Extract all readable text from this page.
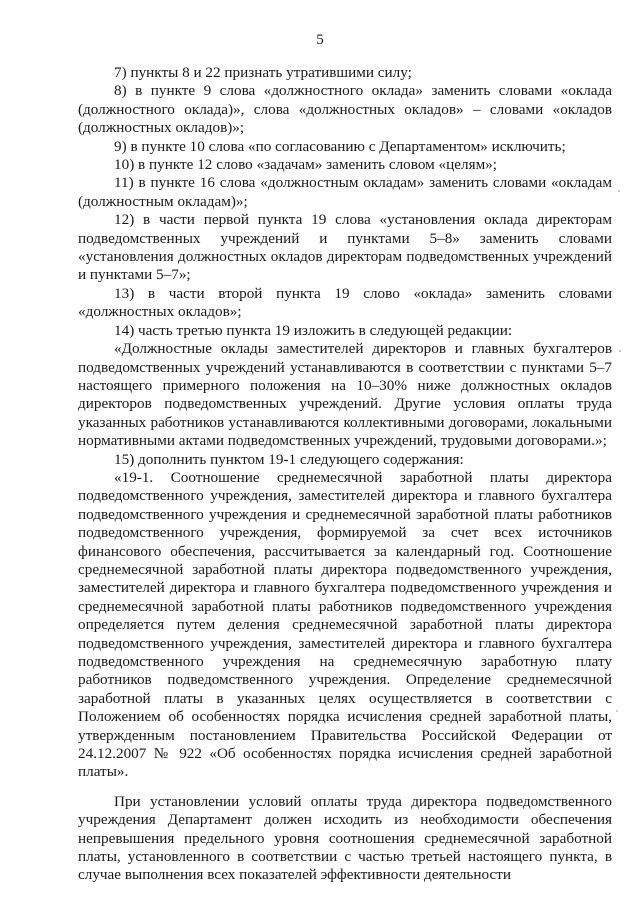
5

7) пункты 8 и 22 признать утратившими силу;

8) в пункте 9 слова «должностного оклада» заменить словами «оклада (должностного оклада)», слова «должностных окладов» – словами «окладов (должностных окладов)»;

9) в пункте 10 слова «по согласованию с Департаментом» исключить;

10) в пункте 12 слово «задачам» заменить словом «целям»;

11) в пункте 16 слова «должностным окладам» заменить словами «окладам (должностным окладам)»;

12) в части первой пункта 19 слова «установления оклада директорам подведомственных учреждений и пунктами 5–8» заменить словами «установления должностных окладов директорам подведомственных учреждений и пунктами 5–7»;

13) в части второй пункта 19 слово «оклада» заменить словами «должностных окладов»;

14) часть третью пункта 19 изложить в следующей редакции:

«Должностные оклады заместителей директоров и главных бухгалтеров подведомственных учреждений устанавливаются в соответствии с пунктами 5–7 настоящего примерного положения на 10–30% ниже должностных окладов директоров подведомственных учреждений. Другие условия оплаты труда указанных работников устанавливаются коллективными договорами, локальными нормативными актами подведомственных учреждений, трудовыми договорами.»;

15) дополнить пунктом 19-1 следующего содержания:

«19-1. Соотношение среднемесячной заработной платы директора подведомственного учреждения, заместителей директора и главного бухгалтера подведомственного учреждения и среднемесячной заработной платы работников подведомственного учреждения, формируемой за счет всех источников финансового обеспечения, рассчитывается за календарный год. Соотношение среднемесячной заработной платы директора подведомственного учреждения, заместителей директора и главного бухгалтера подведомственного учреждения и среднемесячной заработной платы работников подведомственного учреждения определяется путем деления среднемесячной заработной платы директора подведомственного учреждения, заместителей директора и главного бухгалтера подведомственного учреждения на среднемесячную заработную плату работников подведомственного учреждения. Определение среднемесячной заработной платы в указанных целях осуществляется в соответствии с Положением об особенностях порядка исчисления средней заработной платы, утвержденным постановлением Правительства Российской Федерации от 24.12.2007 № 922 «Об особенностях порядка исчисления средней заработной платы».

При установлении условий оплаты труда директора подведомственного учреждения Департамент должен исходить из необходимости обеспечения непревышения предельного уровня соотношения среднемесячной заработной платы, установленного в соответствии с частью третьей настоящего пункта, в случае выполнения всех показателей эффективности деятельности
